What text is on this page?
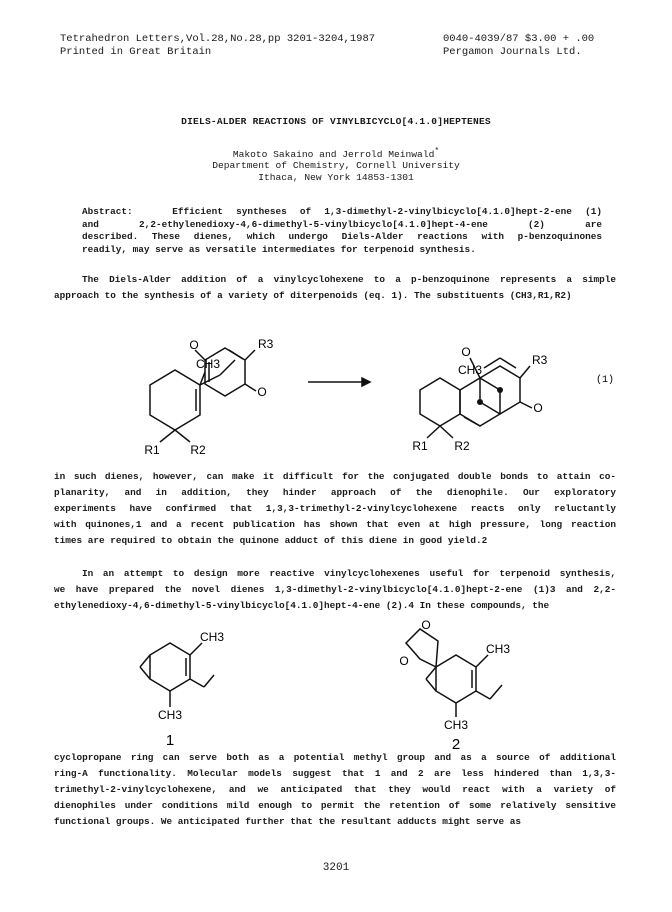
Tetrahedron Letters,Vol.28,No.28,pp 3201-3204,1987
Printed in Great Britain
0040-4039/87 $3.00 + .00
Pergamon Journals Ltd.
DIELS-ALDER REACTIONS OF VINYLBICYCLO[4.1.0]HEPTENES
Makoto Sakaino and Jerrold Meinwald*
Department of Chemistry, Cornell University
Ithaca, New York 14853-1301
Abstract:	Efficient syntheses of 1,3-dimethyl-2-vinylbicyclo[4.1.0]hept-2-ene (1)
and 2,2-ethylenedioxy-4,6-dimethyl-5-vinylbicyclo[4.1.0]hept-4-ene (2) are
described. These dienes, which undergo Diels-Alder reactions with p-benzoquinones
readily, may serve as versatile intermediates for terpenoid synthesis.
The Diels-Alder addition of a vinylcyclohexene to a p-benzoquinone represents a simple
approach to the synthesis of a variety of diterpenoids (eq. 1). The substituents (CH3,R1,R2)
O
O
R3
CH3
R1	R2
O
O
R3
CH3
R1 R2
(1)
in such dienes, however, can make it difficult for the conjugated double bonds to attain co-
planarity, and in addition, they hinder approach of the dienophile. Our exploratory
experiments have confirmed that 1,3,3-trimethyl-2-vinylcyclohexene reacts only reluctantly
with quinones,1 and a recent publication has shown that even at high pressure, long reaction
times are required to obtain the quinone adduct of this diene in good yield.2
In an attempt to design more reactive vinylcyclohexenes useful for terpenoid synthesis,
we have prepared the novel dienes 1,3-dimethyl-2-vinylbicyclo[4.1.0]hept-2-ene (1)3 and 2,2-
ethylenedioxy-4,6-dimethyl-5-vinylbicyclo[4.1.0]hept-4-ene (2).4 In these compounds, the
CH3
CH3
1
CH3
CH3
O
O
2
cyclopropane ring can serve both as a potential methyl group and as a source of additional
ring-A functionality. Molecular models suggest that 1 and 2 are less hindered than 1,3,3-
trimethyl-2-vinylcyclohexene, and we anticipated that they would react with a variety of
dienophiles under conditions mild enough to permit the retention of some relatively sensitive
functional groups. We anticipated further that the resultant adducts might serve as
3201
